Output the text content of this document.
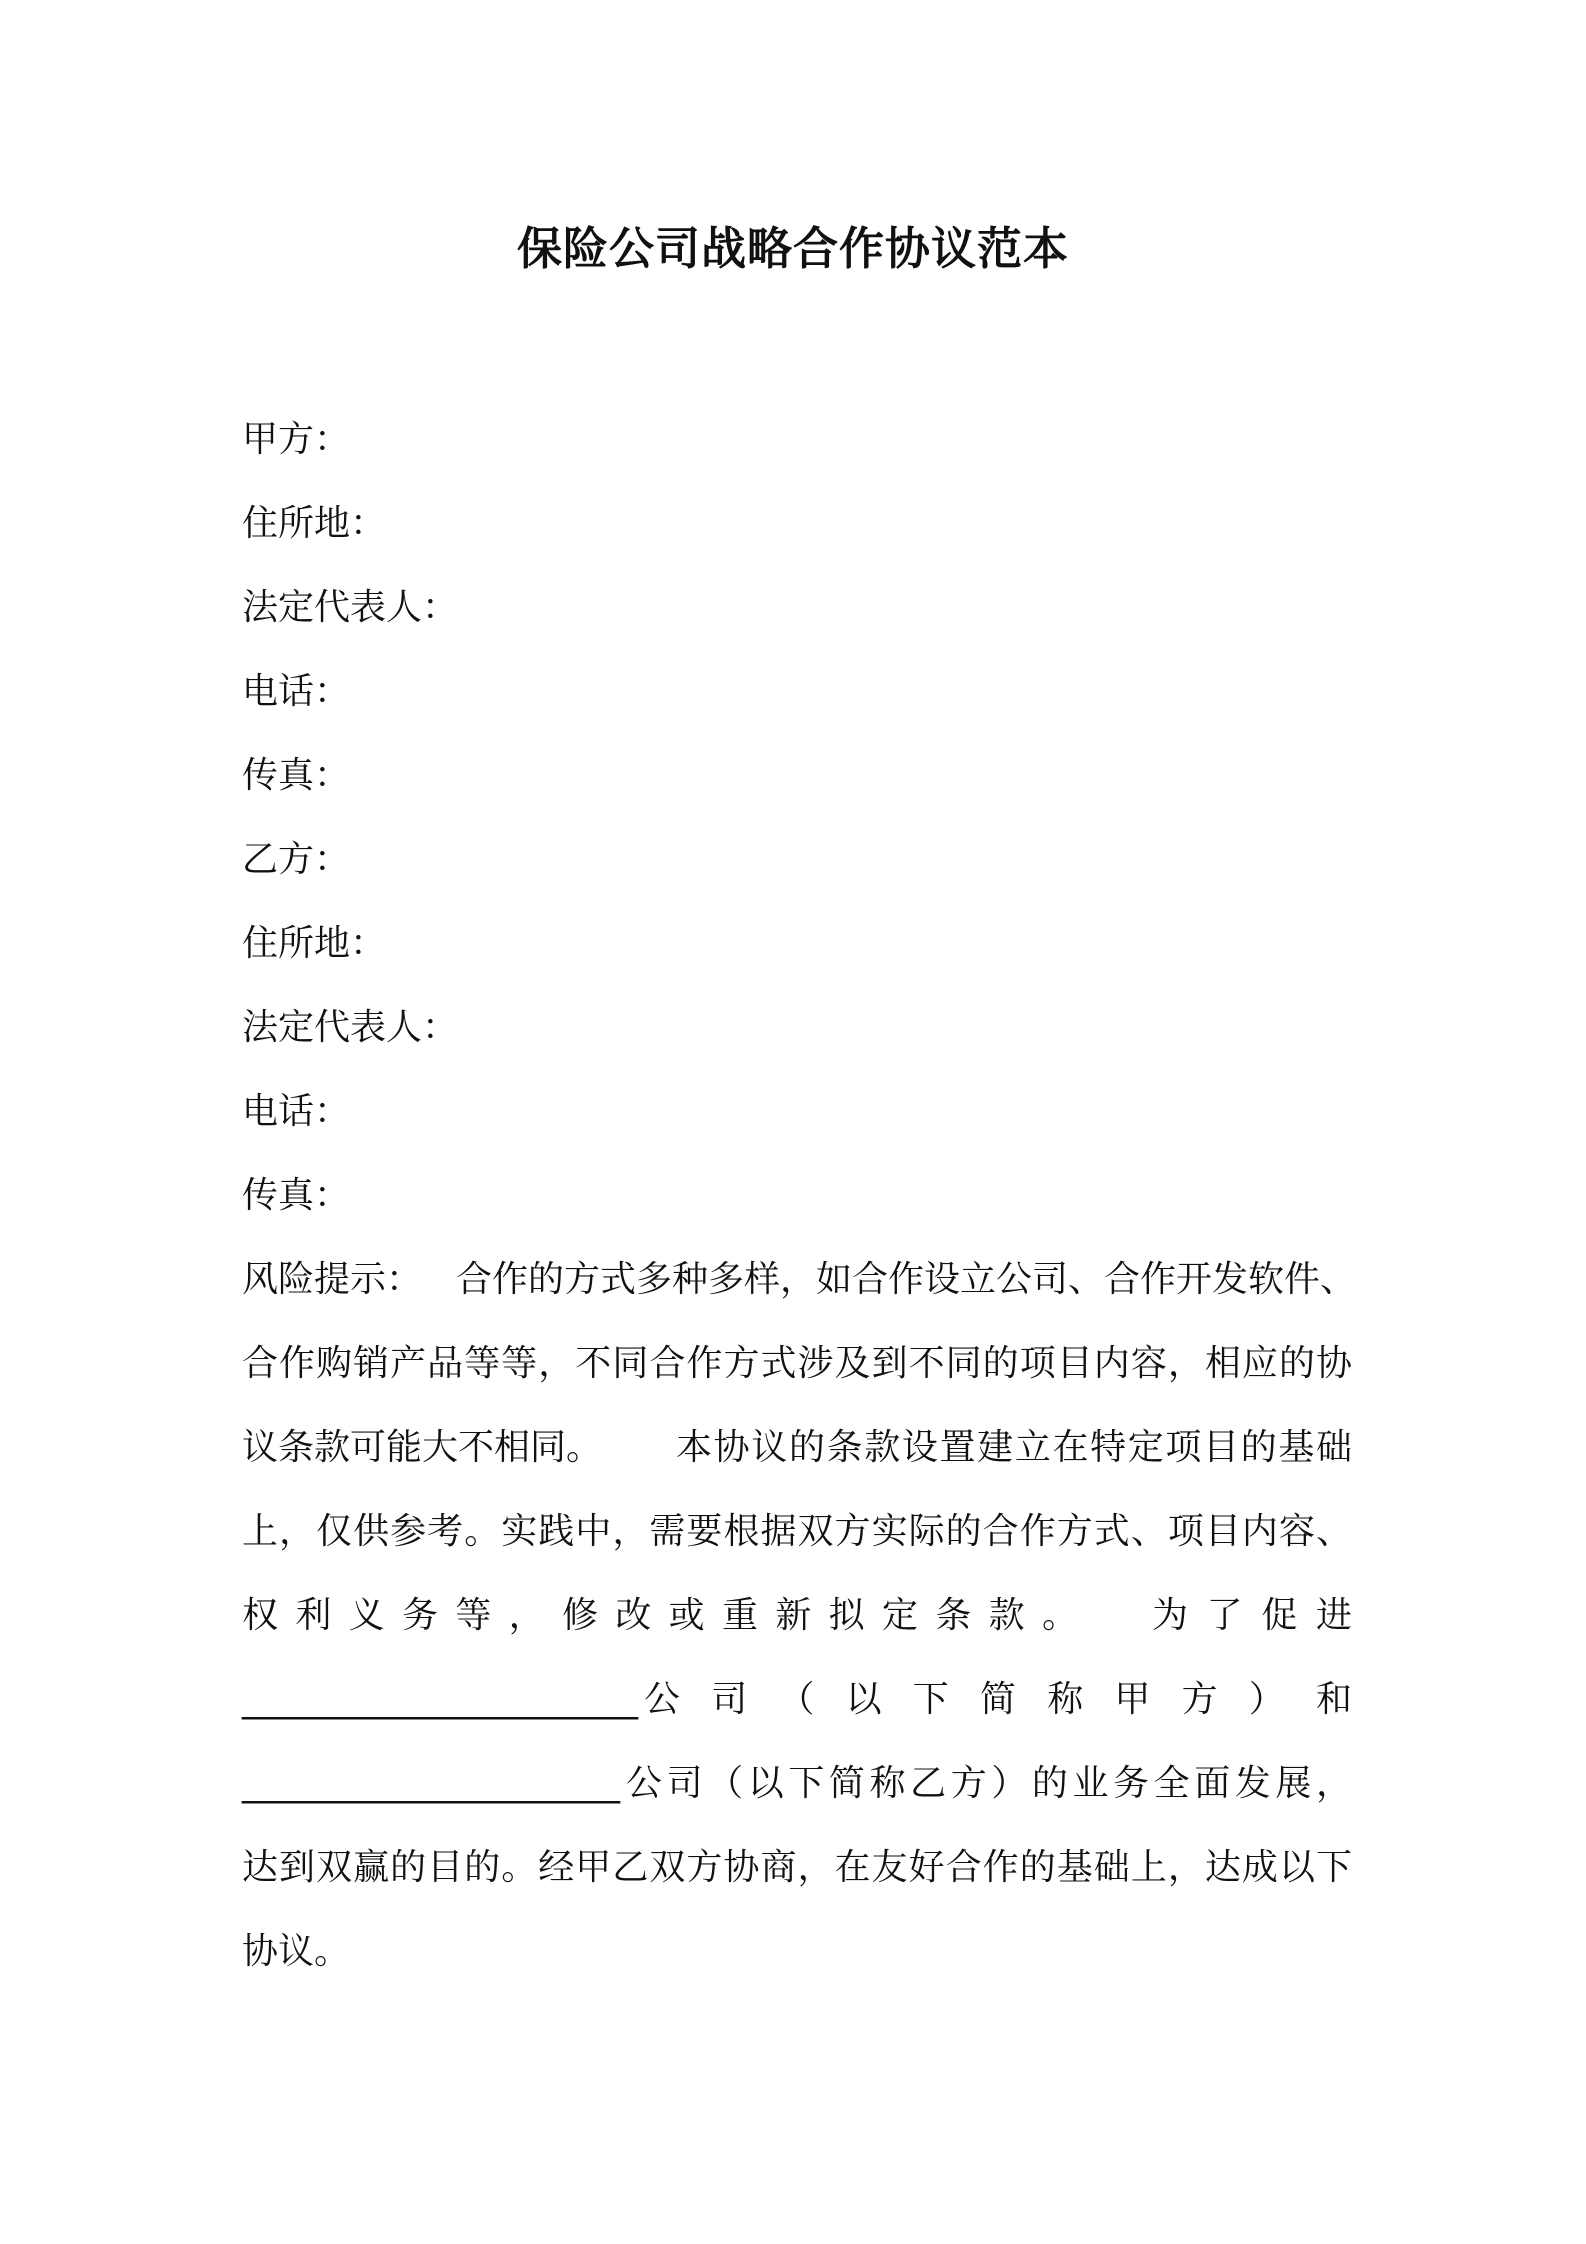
保险公司战略合作协议范本
甲方：
住所地：
法定代表人：
电话：
传真：
乙方：
住所地：
法定代表人：
电话：
传真：
风险提示： 合作的方式多种多样，如合作设立公司、合作开发软件、
合作购销产品等等，不同合作方式涉及到不同的项目内容，相应的协
议条款可能大不相同。 本协议的条款设置建立在特定项目的基础
上，仅供参考。实践中，需要根据双方实际的合作方式、项目内容、
权利义务等，修改或重新拟定条款。 为了促进
______________________ 公司（以下简称甲方）和
_____________________ 公司（以下简称乙方）的业务全面发展，
达到双赢的目的。经甲乙双方协商，在友好合作的基础上，达成以下
协议。
